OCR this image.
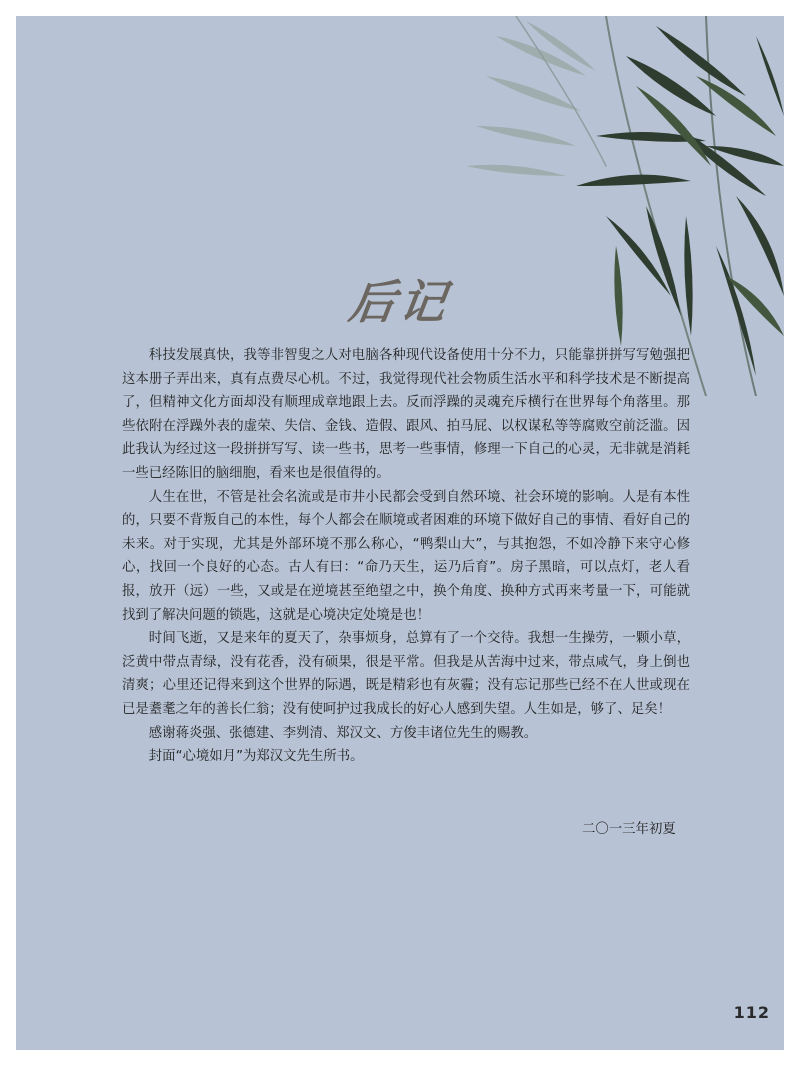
后记

科技发展真快，我等非智叟之人对电脑各种现代设备使用十分不力，只能靠拼拼写写勉强把这本册子弄出来，真有点费尽心机。不过，我觉得现代社会物质生活水平和科学技术是不断提高了，但精神文化方面却没有顺理成章地跟上去。反而浮躁的灵魂充斥横行在世界每个角落里。那些依附在浮躁外表的虚荣、失信、金钱、造假、跟风、拍马屁、以权谋私等等腐败空前泛滥。因此我认为经过这一段拼拼写写、读一些书，思考一些事情，修理一下自己的心灵，无非就是消耗一些已经陈旧的脑细胞，看来也是很值得的。

人生在世，不管是社会名流或是市井小民都会受到自然环境、社会环境的影响。人是有本性的，只要不背叛自己的本性，每个人都会在顺境或者困难的环境下做好自己的事情、看好自己的未来。对于实现，尤其是外部环境不那么称心，“鸭梨山大”，与其抱怨，不如冷静下来守心修心，找回一个良好的心态。古人有曰：“命乃天生，运乃后育”。房子黑暗，可以点灯，老人看报，放开（远）一些，又或是在逆境甚至绝望之中，换个角度、换种方式再来考量一下，可能就找到了解决问题的锁匙，这就是心境决定处境是也！

时间飞逝，又是来年的夏天了，杂事烦身，总算有了一个交待。我想一生操劳，一颗小草，泛黄中带点青绿，没有花香，没有硕果，很是平常。但我是从苦海中过来，带点咸气，身上倒也清爽；心里还记得来到这个世界的际遇，既是精彩也有灰霾；没有忘记那些已经不在人世或现在已是耋耄之年的善长仁翁；没有使呵护过我成长的好心人感到失望。人生如是，够了、足矣！

感谢蒋炎强、张德建、李刿清、郑汉文、方俊丰诸位先生的赐教。

封面“心境如月”为郑汉文先生所书。

二〇一三年初夏
112
